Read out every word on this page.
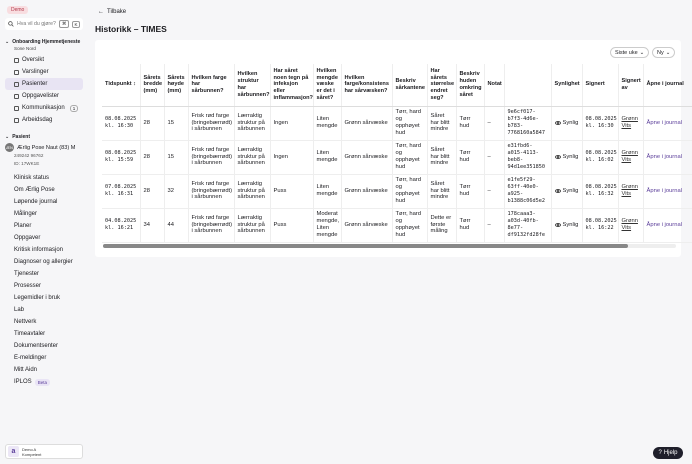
Demo
Hva vil du gjøre?	⌘	K
⌄ Onboarding Hjemmetjeneste
Sone Nord
Oversikt
Varslinger
Pasienter
Oppgavelister
Kommunikasjon	1
Arbeidsdag
⌄ Pasient
ÆN Ærlig Pose Naut (83) M
249242 96762
ID: 17WK1E
Klinisk status
Om Ærlig Pose
Løpende journal
Målinger
Planer
Oppgaver
Kritisk informasjon
Diagnoser og allergier
Tjenester
Prosesser
Legemidler i bruk
Lab
Nettverk
Timeavtaler
Dokumentsenter
E-meldinger
Mitt Aidn
IPLOS	Beta
a	Demo A
Kompetent
← Tilbake
Historikk – TIMES
Siste uke ⌄ Ny ⌄
Tidspunkt ↕	Sårets bredde (mm)	Sårets høyde (mm)	Hvilken farge har sårbunnen?	Hvilken struktur har sårbunnen?	Har såret noen tegn på infeksjon eller inflammasjon?	Hvilken mengde væske er det i såret?	Hvilken farge/konsistens har sårvæsken?	Beskriv sårkantene	Har sårets størrelse endret seg?	Beskriv huden omkring såret	Notat		Synlighet	Signert	Signert av	Åpne i journal
08.08.2025 kl. 16:30	28	15	Frisk rød farge (bringebærrødt) i sårbunnen	Lærraktig struktur på sårbunnen	Ingen	Liten mengde	Grønn sårvæske	Tørr, hard og opphøyet hud	Såret har blitt mindre	Tørr hud	–	9e6cf017-b7f3-4d6e-b783-7768160a5847	Synlig	08.08.2025 kl. 16:30	Grønn Vits	Åpne i journal
08.08.2025 kl. 15:59	28	15	Frisk rød farge (bringebærrødt) i sårbunnen	Lærraktig struktur på sårbunnen	Ingen	Liten mengde	Grønn sårvæske	Tørr, hard og opphøyet hud	Såret har blitt mindre	Tørr hud	–	e31fbd6-a015-4113-beb8-94d1ee351850	Synlig	08.08.2025 kl. 16:02	Grønn Vits	Åpne i journal
07.08.2025 kl. 16:31	28	32	Frisk rød farge (bringebærrødt) i sårbunnen	Lærraktig struktur på sårbunnen	Puss	Liten mengde	Grønn sårvæske	Tørr, hard og opphøyet hud	Såret har blitt mindre	Tørr hud	–	e1fe5f29-63ff-40e0-a925-b1388c06d5e2	Synlig	08.08.2025 kl. 16:32	Grønn Vits	Åpne i journal
04.08.2025 kl. 16:21	34	44	Frisk rød farge (bringebærrødt) i sårbunnen	Lærraktig struktur på sårbunnen	Puss	Moderat mengde, Liten mengde	Grønn sårvæske	Tørr, hard og opphøyet hud	Dette er første måling	Tørr hud	–	178caaa3-a03d-40fb-8e77-df9132fd28fe	Synlig	08.08.2025 kl. 16:22	Grønn Vits	Åpne i journal
? Hjelp
